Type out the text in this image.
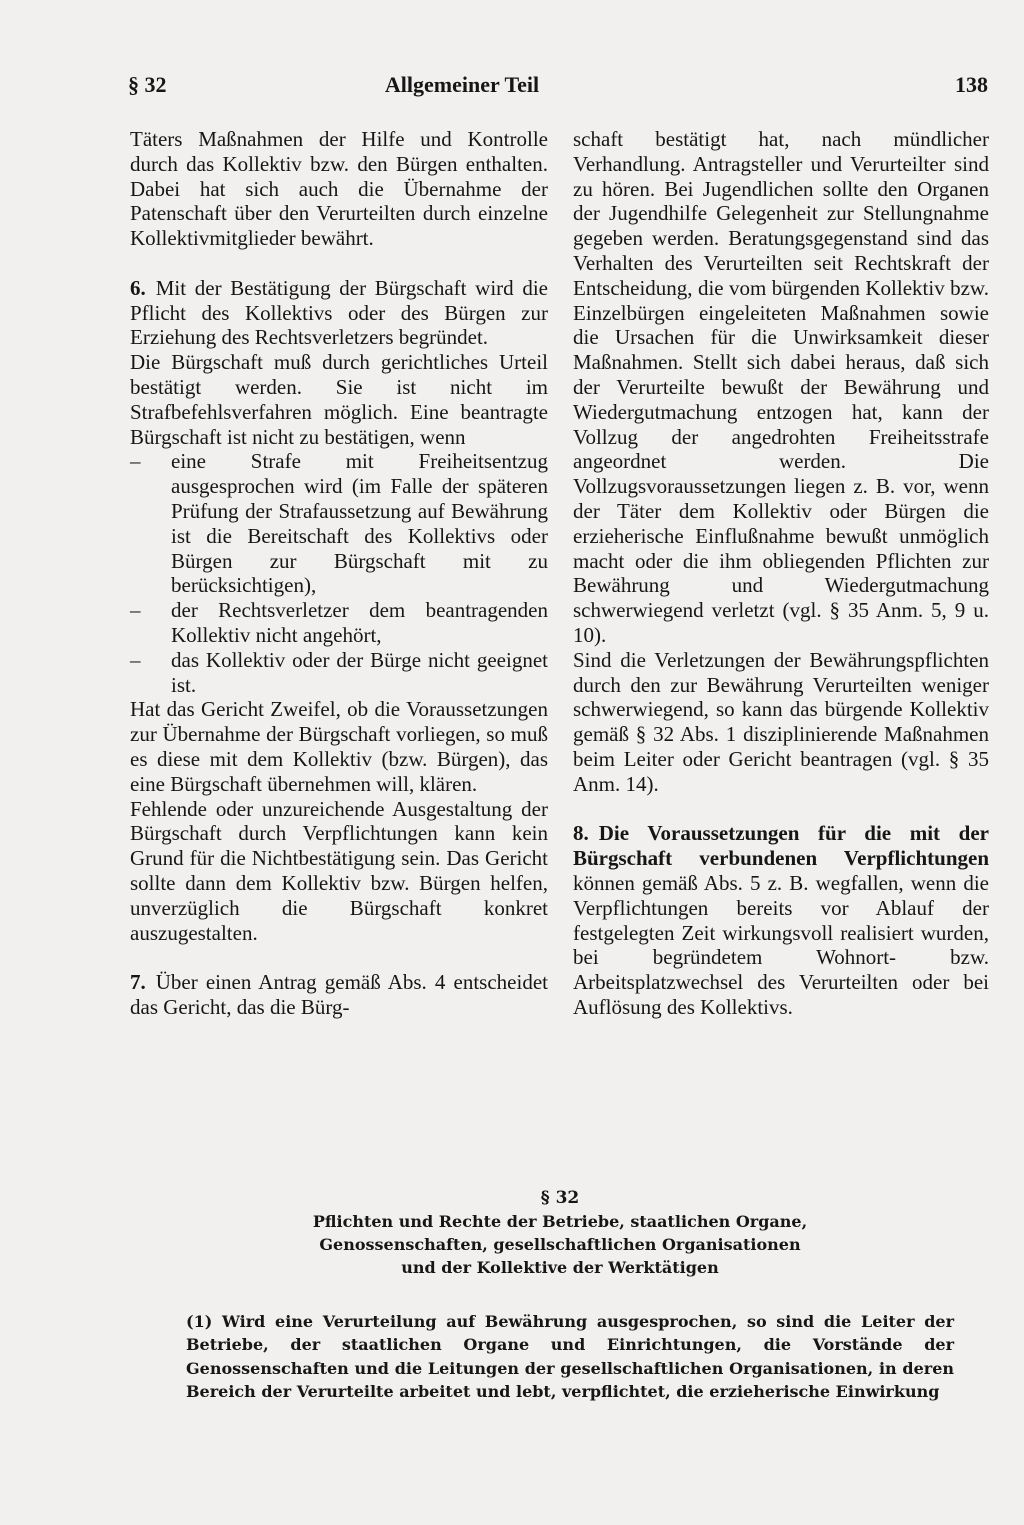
§ 32	Allgemeiner Teil	138

Täters Maßnahmen der Hilfe und Kontrolle durch das Kollektiv bzw. den Bürgen enthalten. Dabei hat sich auch die Übernahme der Patenschaft über den Verurteilten durch einzelne Kollektivmitglieder bewährt.

6. Mit der Bestätigung der Bürgschaft wird die Pflicht des Kollektivs oder des Bürgen zur Erziehung des Rechtsverletzers begründet.

Die Bürgschaft muß durch gerichtliches Urteil bestätigt werden. Sie ist nicht im Strafbefehlsverfahren möglich. Eine beantragte Bürgschaft ist nicht zu bestätigen, wenn

– eine Strafe mit Freiheitsentzug ausgesprochen wird (im Falle der späteren Prüfung der Strafaussetzung auf Bewährung ist die Bereitschaft des Kollektivs oder Bürgen zur Bürgschaft mit zu berücksichtigen),
– der Rechtsverletzer dem beantragenden Kollektiv nicht angehört,
– das Kollektiv oder der Bürge nicht geeignet ist.

Hat das Gericht Zweifel, ob die Voraussetzungen zur Übernahme der Bürgschaft vorliegen, so muß es diese mit dem Kollektiv (bzw. Bürgen), das eine Bürgschaft übernehmen will, klären.

Fehlende oder unzureichende Ausgestaltung der Bürgschaft durch Verpflichtungen kann kein Grund für die Nichtbestätigung sein. Das Gericht sollte dann dem Kollektiv bzw. Bürgen helfen, unverzüglich die Bürgschaft konkret auszugestalten.

7. Über einen Antrag gemäß Abs. 4 entscheidet das Gericht, das die Bürg-

schaft bestätigt hat, nach mündlicher Verhandlung. Antragsteller und Verurteilter sind zu hören. Bei Jugendlichen sollte den Organen der Jugendhilfe Gelegenheit zur Stellungnahme gegeben werden. Beratungsgegenstand sind das Verhalten des Verurteilten seit Rechtskraft der Entscheidung, die vom bürgenden Kollektiv bzw. Einzelbürgen eingeleiteten Maßnahmen sowie die Ursachen für die Unwirksamkeit dieser Maßnahmen. Stellt sich dabei heraus, daß sich der Verurteilte bewußt der Bewährung und Wiedergutmachung entzogen hat, kann der Vollzug der angedrohten Freiheitsstrafe angeordnet werden. Die Vollzugsvoraussetzungen liegen z. B. vor, wenn der Täter dem Kollektiv oder Bürgen die erzieherische Einflußnahme bewußt unmöglich macht oder die ihm obliegenden Pflichten zur Bewährung und Wiedergutmachung schwerwiegend verletzt (vgl. § 35 Anm. 5, 9 u. 10).

Sind die Verletzungen der Bewährungspflichten durch den zur Bewährung Verurteilten weniger schwerwiegend, so kann das bürgende Kollektiv gemäß § 32 Abs. 1 disziplinierende Maßnahmen beim Leiter oder Gericht beantragen (vgl. § 35 Anm. 14).

8. Die Voraussetzungen für die mit der Bürgschaft verbundenen Verpflichtungen können gemäß Abs. 5 z. B. wegfallen, wenn die Verpflichtungen bereits vor Ablauf der festgelegten Zeit wirkungsvoll realisiert wurden, bei begründetem Wohnort- bzw. Arbeitsplatzwechsel des Verurteilten oder bei Auflösung des Kollektivs.

§ 32
Pflichten und Rechte der Betriebe, staatlichen Organe,
Genossenschaften, gesellschaftlichen Organisationen
und der Kollektive der Werktätigen

(1) Wird eine Verurteilung auf Bewährung ausgesprochen, so sind die Leiter der Betriebe, der staatlichen Organe und Einrichtungen, die Vorstände der Genossenschaften und die Leitungen der gesellschaftlichen Organisationen, in deren Bereich der Verurteilte arbeitet und lebt, verpflichtet, die erzieherische Einwirkung
